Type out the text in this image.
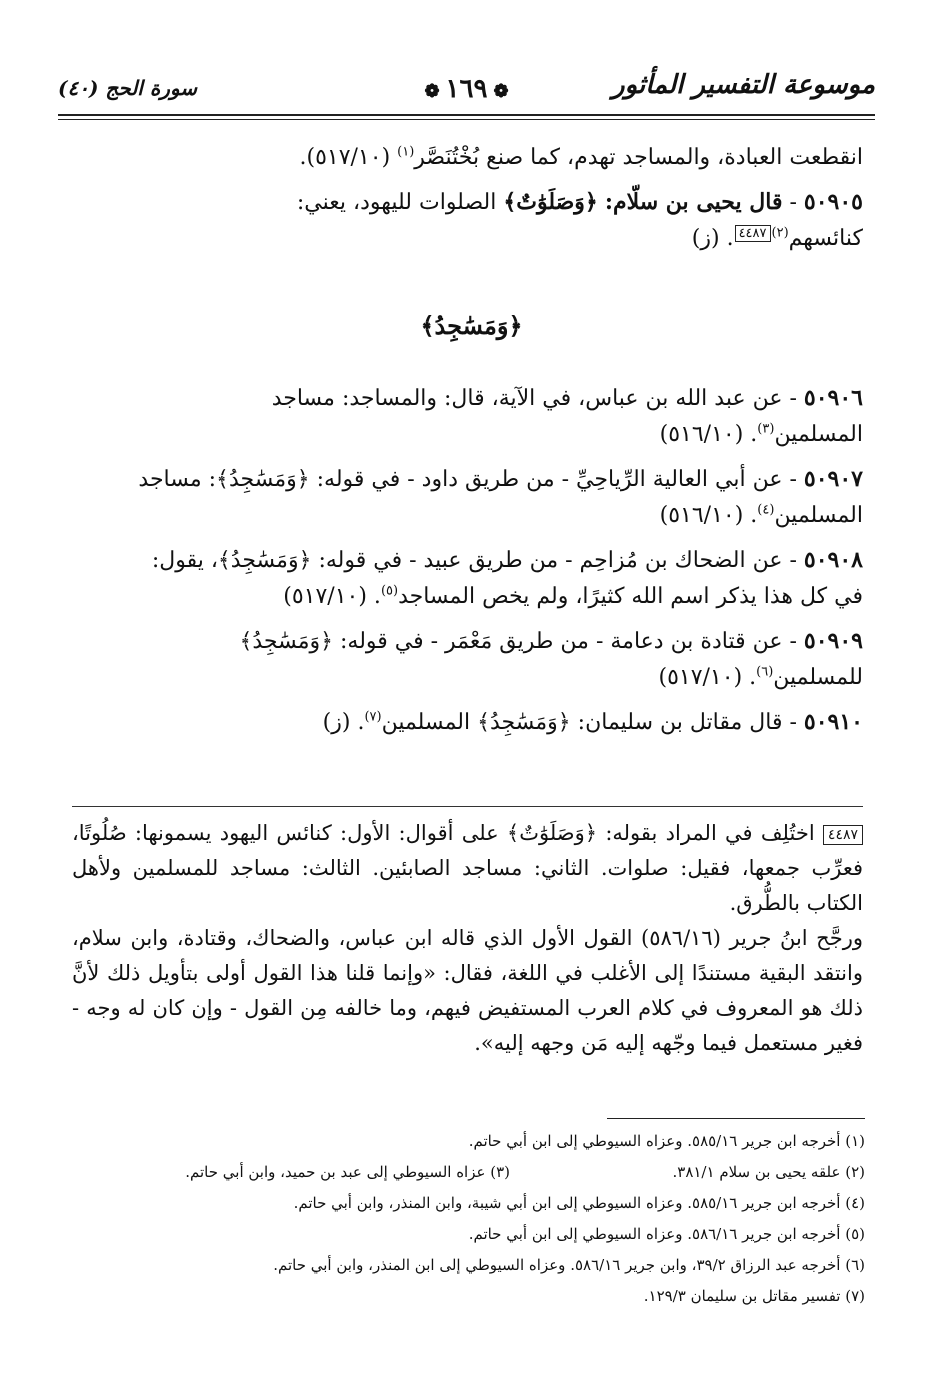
موسوعة التفسير المأثور
❁١٦٩❁
سورة الحج (٤٠)

انقطعت العبادة، والمساجد تهدم، كما صنع بُخْتُنَصَّر$^{(١)}$ (٥١٧/١٠).

٥٠٩٠٥ - قال يحيى بن سلّام: ﴿وَصَلَوَٰتٌ﴾ الصلوات لليهود، يعني:

كنائسهم$^{(٢)}$٤٤٨٧. (ز)

﴿وَمَسَٰجِدُ﴾

٥٠٩٠٦ - عن عبد الله بن عباس، في الآية، قال: والمساجد: مساجد

المسلمين$^{(٣)}$. (٥١٦/١٠)

٥٠٩٠٧ - عن أبي العالية الرِّياحِيِّ - من طريق داود - في قوله: ﴿وَمَسَٰجِدُ﴾: مساجد

المسلمين$^{(٤)}$. (٥١٦/١٠)

٥٠٩٠٨ - عن الضحاك بن مُزاحِم - من طريق عبيد - في قوله: ﴿وَمَسَٰجِدُ﴾، يقول:

في كل هذا يذكر اسم الله كثيرًا، ولم يخص المساجد$^{(٥)}$. (٥١٧/١٠)

٥٠٩٠٩ - عن قتادة بن دعامة - من طريق مَعْمَر - في قوله: ﴿وَمَسَٰجِدُ﴾

للمسلمين$^{(٦)}$. (٥١٧/١٠)

٥٠٩١٠ - قال مقاتل بن سليمان: ﴿وَمَسَٰجِدُ﴾ المسلمين$^{(٧)}$. (ز)

٤٤٨٧ اختُلِف في المراد بقوله: ﴿وَصَلَوَٰتٌ﴾ على أقوال: الأول: كنائس اليهود يسمونها: صُلُوتًا، فعرِّب جمعها، فقيل: صلوات. الثاني: مساجد الصابئين. الثالث: مساجد للمسلمين ولأهل الكتاب بالطُّرق.

ورجَّح ابنُ جرير (٥٨٦/١٦) القول الأول الذي قاله ابن عباس، والضحاك، وقتادة، وابن سلام، وانتقد البقية مستندًا إلى الأغلب في اللغة، فقال: «وإنما قلنا هذا القول أولى بتأويل ذلك لأنَّ ذلك هو المعروف في كلام العرب المستفيض فيهم، وما خالفه مِن القول - وإن كان له وجه - فغير مستعمل فيما وجّهه إليه مَن وجهه إليه».

(١) أخرجه ابن جرير ٥٨٥/١٦. وعزاه السيوطي إلى ابن أبي حاتم.

(٢) علقه يحيى بن سلام ٣٨١/١.
(٣) عزاه السيوطي إلى عبد بن حميد، وابن أبي حاتم.

(٤) أخرجه ابن جرير ٥٨٥/١٦. وعزاه السيوطي إلى ابن أبي شيبة، وابن المنذر، وابن أبي حاتم.

(٥) أخرجه ابن جرير ٥٨٦/١٦. وعزاه السيوطي إلى ابن أبي حاتم.

(٦) أخرجه عبد الرزاق ٣٩/٢، وابن جرير ٥٨٦/١٦. وعزاه السيوطي إلى ابن المنذر، وابن أبي حاتم.

(٧) تفسير مقاتل بن سليمان ١٢٩/٣.
